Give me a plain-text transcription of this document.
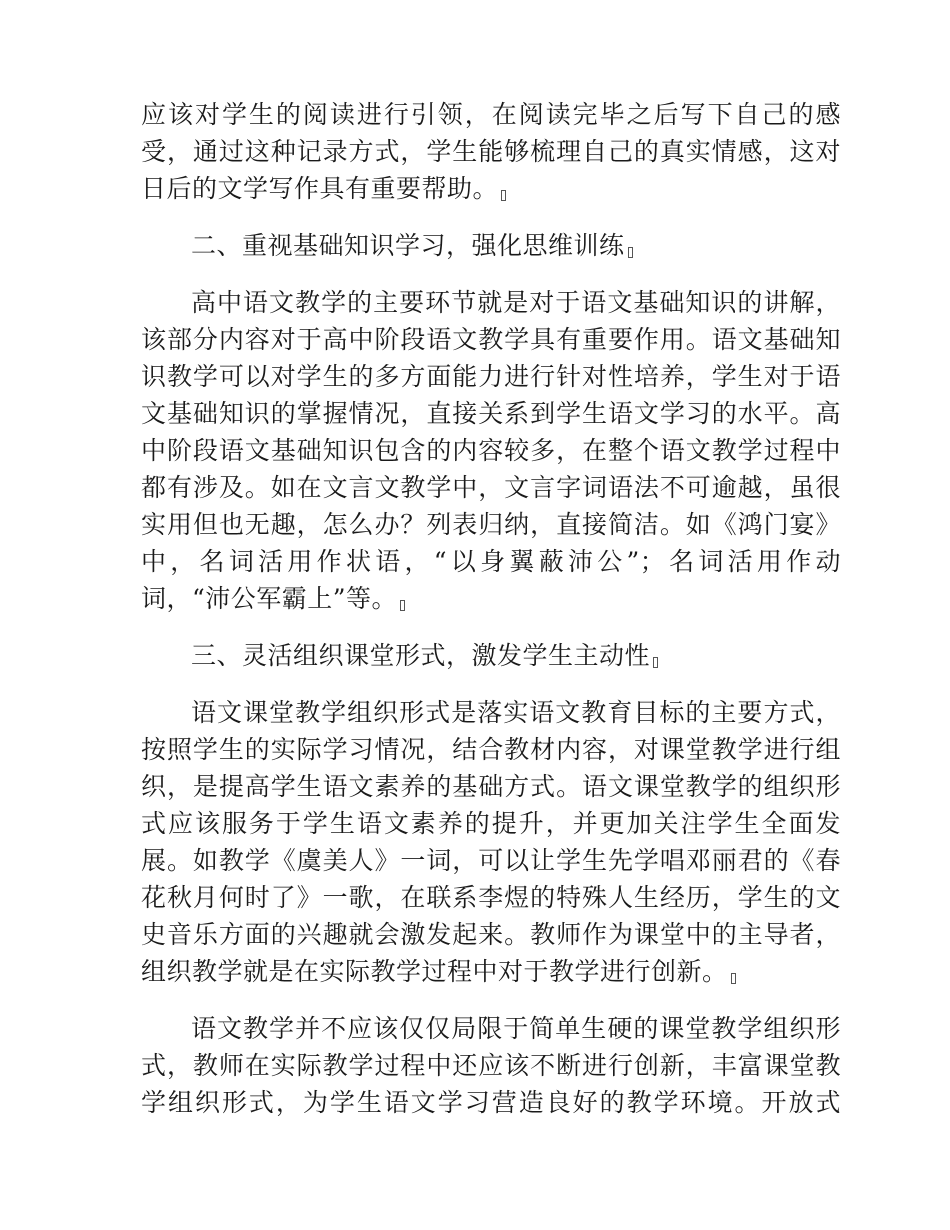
应该对学生的阅读进行引领，在阅读完毕之后写下自己的感受，通过这种记录方式，学生能够梳理自己的真实情感，这对日后的文学写作具有重要帮助。

二、重视基础知识学习，强化思维训练

高中语文教学的主要环节就是对于语文基础知识的讲解，该部分内容对于高中阶段语文教学具有重要作用。语文基础知识教学可以对学生的多方面能力进行针对性培养，学生对于语文基础知识的掌握情况，直接关系到学生语文学习的水平。高中阶段语文基础知识包含的内容较多，在整个语文教学过程中都有涉及。如在文言文教学中，文言字词语法不可逾越，虽很实用但也无趣，怎么办？列表归纳，直接简洁。如《鸿门宴》中，名词活用作状语，“以身翼蔽沛公”；名词活用作动词，“沛公军霸上”等。

三、灵活组织课堂形式，激发学生主动性

语文课堂教学组织形式是落实语文教育目标的主要方式，按照学生的实际学习情况，结合教材内容，对课堂教学进行组织，是提高学生语文素养的基础方式。语文课堂教学的组织形式应该服务于学生语文素养的提升，并更加关注学生全面发展。如教学《虞美人》一词，可以让学生先学唱邓丽君的《春花秋月何时了》一歌，在联系李煜的特殊人生经历，学生的文史音乐方面的兴趣就会激发起来。教师作为课堂中的主导者，组织教学就是在实际教学过程中对于教学进行创新。

语文教学并不应该仅仅局限于简单生硬的课堂教学组织形式，教师在实际教学过程中还应该不断进行创新，丰富课堂教学组织形式，为学生语文学习营造良好的教学环境。开放式
